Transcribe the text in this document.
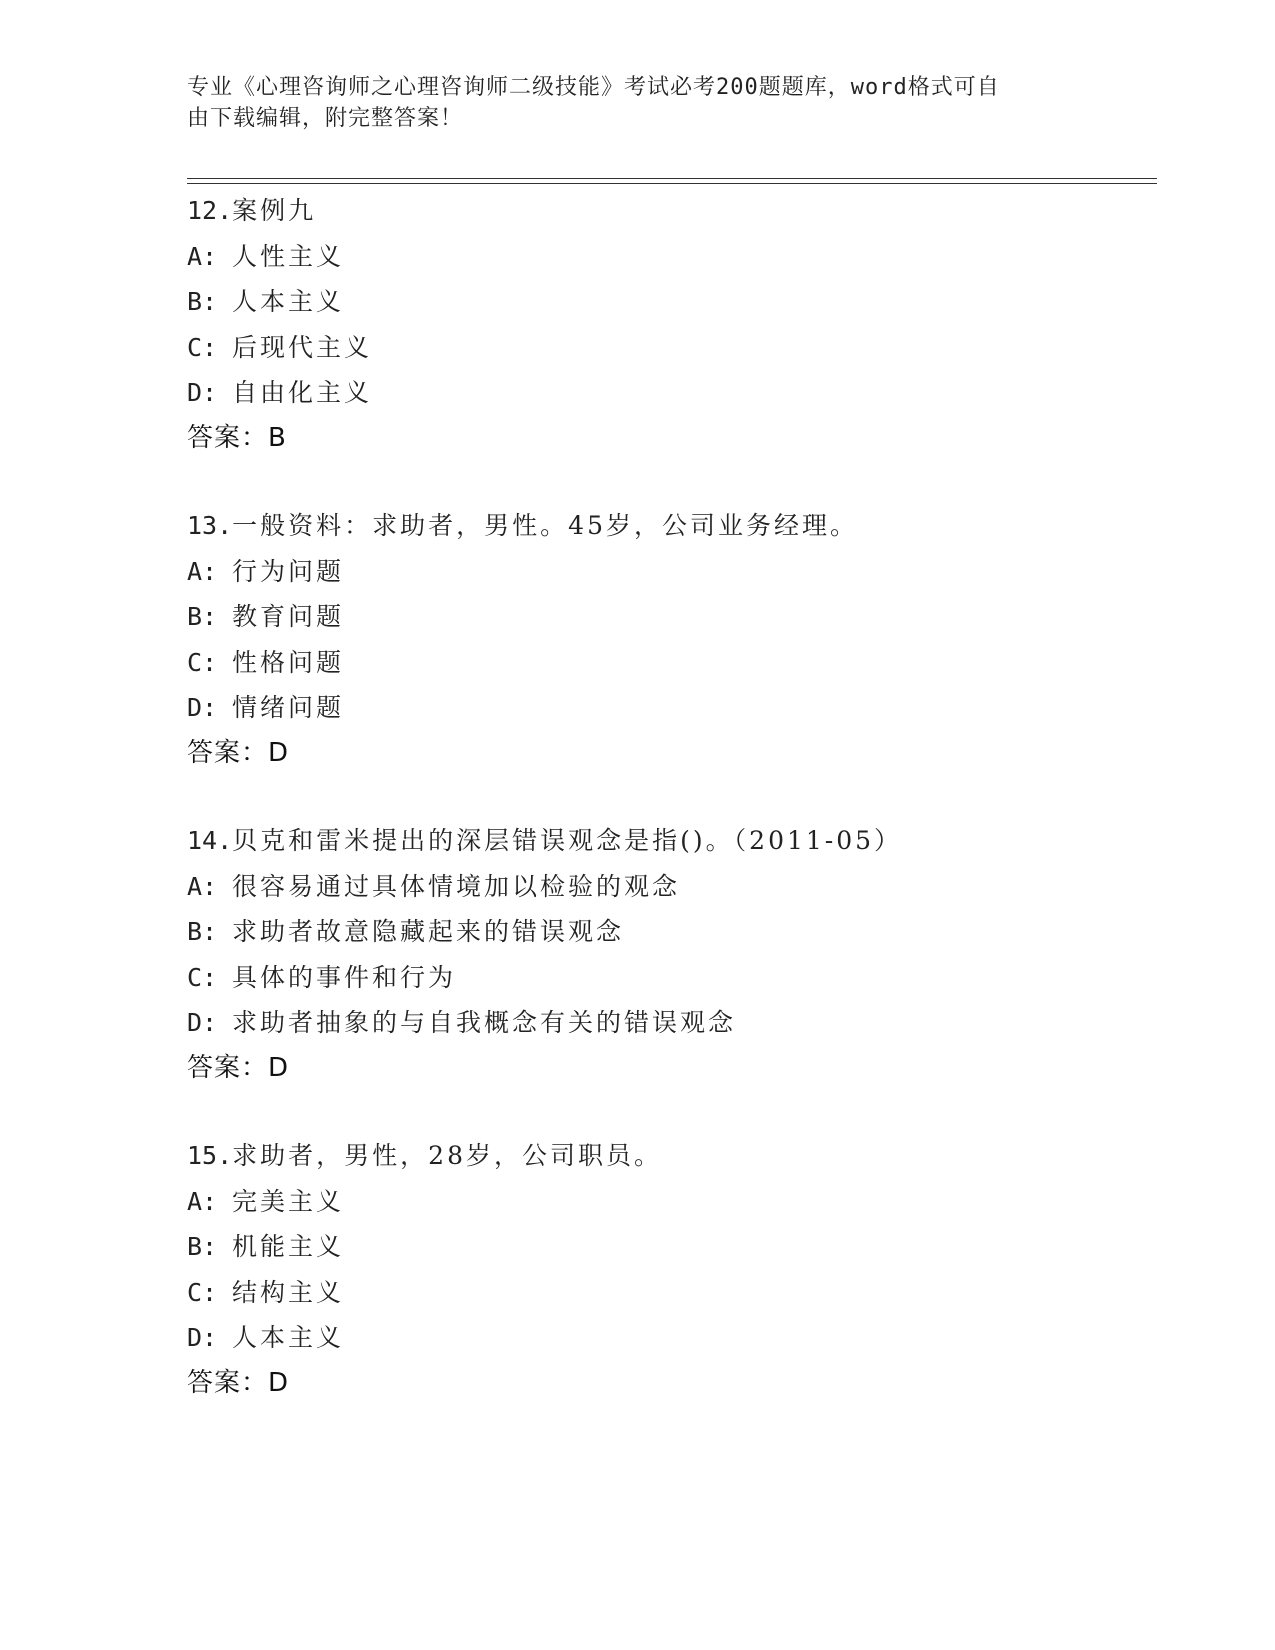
专业《心理咨询师之心理咨询师二级技能》考试必考200题题库，word格式可自
由下载编辑，附完整答案！
12.案例九
A: 人性主义
B: 人本主义
C: 后现代主义
D: 自由化主义
答案：B
13.一般资料：求助者，男性。45岁，公司业务经理。
A: 行为问题
B: 教育问题
C: 性格问题
D: 情绪问题
答案：D
14.贝克和雷米提出的深层错误观念是指()。（2011-05）
A: 很容易通过具体情境加以检验的观念
B: 求助者故意隐藏起来的错误观念
C: 具体的事件和行为
D: 求助者抽象的与自我概念有关的错误观念
答案：D
15.求助者，男性，28岁，公司职员。
A: 完美主义
B: 机能主义
C: 结构主义
D: 人本主义
答案：D
